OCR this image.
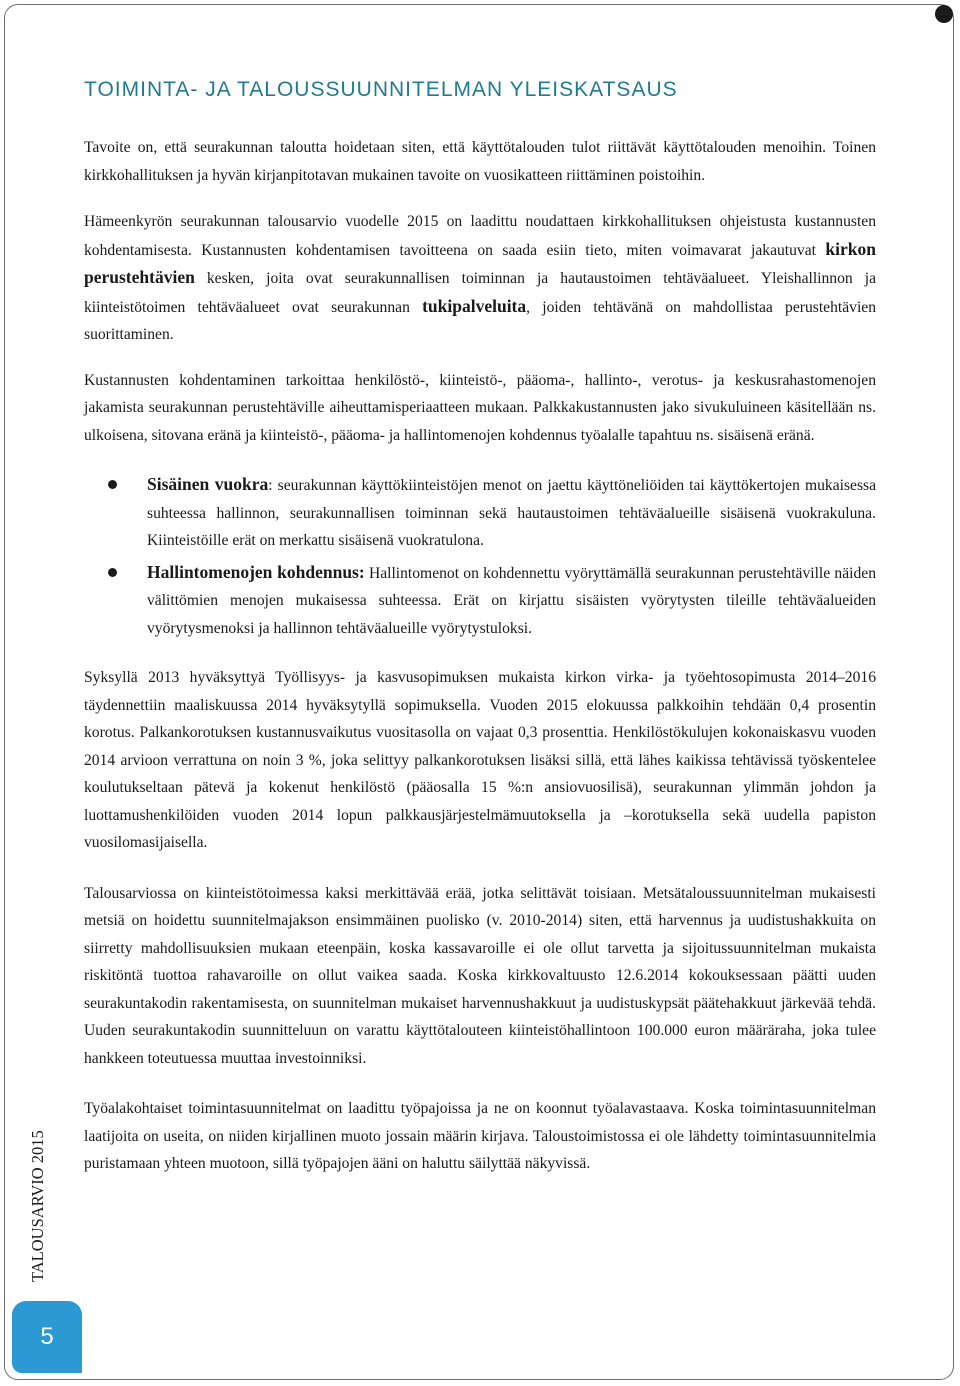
TOIMINTA- JA TALOUSSUUNNITELMAN YLEISKATSAUS

Tavoite on, että seurakunnan taloutta hoidetaan siten, että käyttötalouden tulot riittävät käyttötalouden menoihin. Toinen kirkkohallituksen ja hyvän kirjanpitotavan mukainen tavoite on vuosikatteen riittäminen poistoihin.

Hämeenkyrön seurakunnan talousarvio vuodelle 2015 on laadittu noudattaen kirkkohallituksen ohjeistusta kustannusten kohdentamisesta. Kustannusten kohdentamisen tavoitteena on saada esiin tieto, miten voimavarat jakautuvat kirkon perustehtävien kesken, joita ovat seurakunnallisen toiminnan ja hautaustoimen tehtäväalueet. Yleishallinnon ja kiinteistötoimen tehtäväalueet ovat seurakunnan tukipalveluita, joiden tehtävänä on mahdollistaa perustehtävien suorittaminen.

Kustannusten kohdentaminen tarkoittaa henkilöstö-, kiinteistö-, pääoma-, hallinto-, verotus- ja keskusrahastomenojen jakamista seurakunnan perustehtäville aiheuttamisperiaatteen mukaan. Palkkakustannusten jako sivukuluineen käsitellään ns. ulkoisena, sitovana eränä ja kiinteistö-, pääoma- ja hallintomenojen kohdennus työalalle tapahtuu ns. sisäisenä eränä.

Sisäinen vuokra: seurakunnan käyttökiinteistöjen menot on jaettu käyttöneliöiden tai käyttökertojen mukaisessa suhteessa hallinnon, seurakunnallisen toiminnan sekä hautaustoimen tehtäväalueille sisäisenä vuokrakuluna. Kiinteistöille erät on merkattu sisäisenä vuokratulona.
Hallintomenojen kohdennus: Hallintomenot on kohdennettu vyöryttämällä seurakunnan perustehtäville näiden välittömien menojen mukaisessa suhteessa. Erät on kirjattu sisäisten vyörytysten tileille tehtäväalueiden vyörytysmenoksi ja hallinnon tehtäväalueille vyörytystuloksi.

Syksyllä 2013 hyväksyttyä Työllisyys- ja kasvusopimuksen mukaista kirkon virka- ja työehtosopimusta 2014–2016 täydennettiin maaliskuussa 2014 hyväksytyllä sopimuksella. Vuoden 2015 elokuussa palkkoihin tehdään 0,4 prosentin korotus. Palkankorotuksen kustannusvaikutus vuositasolla on vajaat 0,3 prosenttia. Henkilöstökulujen kokonaiskasvu vuoden 2014 arvioon verrattuna on noin 3 %, joka selittyy palkankorotuksen lisäksi sillä, että lähes kaikissa tehtävissä työskentelee koulutukseltaan pätevä ja kokenut henkilöstö (pääosalla 15 %:n ansiovuosilisä), seurakunnan ylimmän johdon ja luottamushenkilöiden vuoden 2014 lopun palkkausjärjestelmämuutoksella ja –korotuksella sekä uudella papiston vuosilomasijaisella.

Talousarviossa on kiinteistötoimessa kaksi merkittävää erää, jotka selittävät toisiaan. Metsätaloussuunnitelman mukaisesti metsiä on hoidettu suunnitelmajakson ensimmäinen puolisko (v. 2010-2014) siten, että harvennus ja uudistushakkuita on siirretty mahdollisuuksien mukaan eteenpäin, koska kassavaroille ei ole ollut tarvetta ja sijoitussuunnitelman mukaista riskitöntä tuottoa rahavaroille on ollut vaikea saada. Koska kirkkovaltuusto 12.6.2014 kokouksessaan päätti uuden seurakuntakodin rakentamisesta, on suunnitelman mukaiset harvennushakkuut ja uudistuskypsät päätehakkuut järkevää tehdä. Uuden seurakuntakodin suunnitteluun on varattu käyttötalouteen kiinteistöhallintoon 100.000 euron määräraha, joka tulee hankkeen toteutuessa muuttaa investoinniksi.

Työalakohtaiset toimintasuunnitelmat on laadittu työpajoissa ja ne on koonnut työalavastaava. Koska toimintasuunnitelman laatijoita on useita, on niiden kirjallinen muoto jossain määrin kirjava. Taloustoimistossa ei ole lähdetty toimintasuunnitelmia puristamaan yhteen muotoon, sillä työpajojen ääni on haluttu säilyttää näkyvissä.

TALOUSARVIO 2015
5
